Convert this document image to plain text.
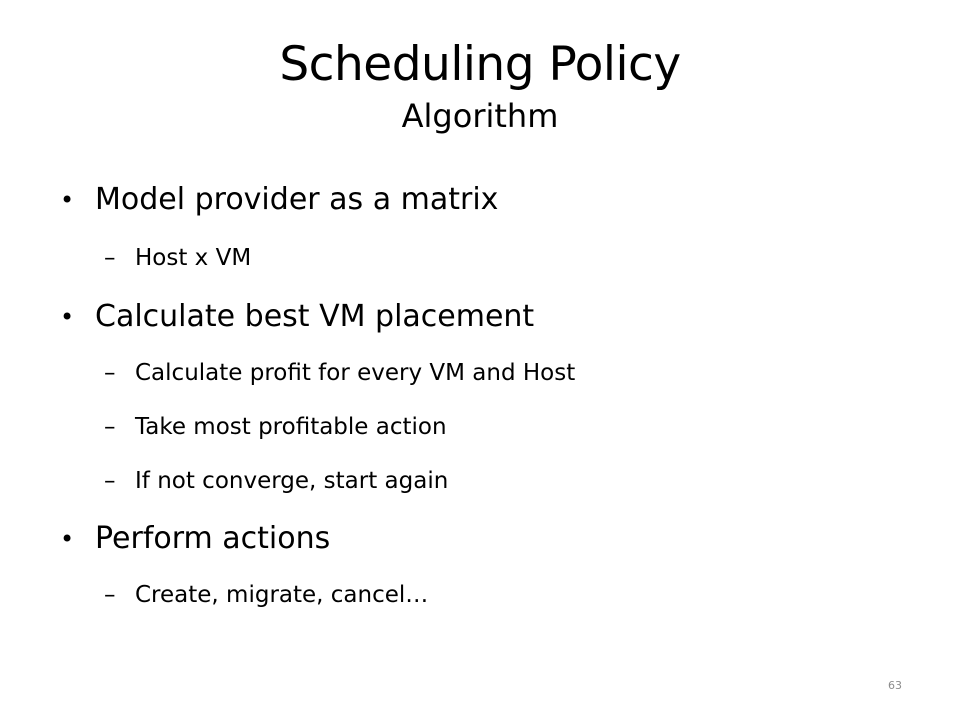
Scheduling Policy
Algorithm
• Model provider as a matrix
– Host x VM
• Calculate best VM placement
– Calculate profit for every VM and Host
– Take most profitable action
– If not converge, start again
• Perform actions
– Create, migrate, cancel…
63
